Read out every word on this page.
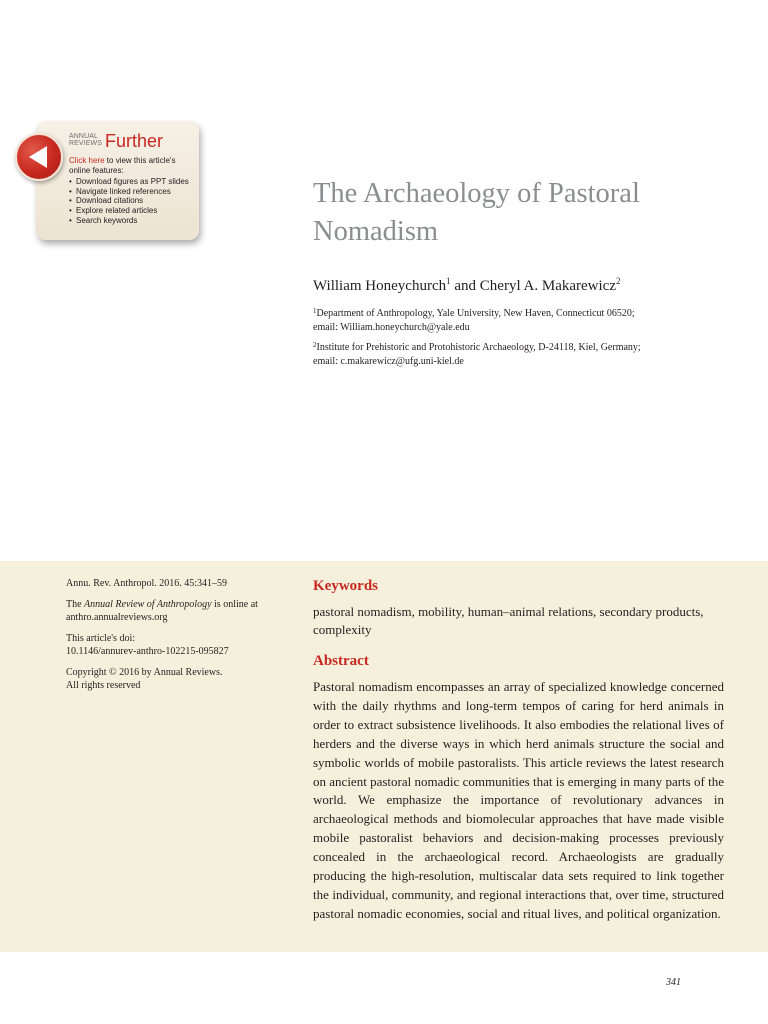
ANNUAL
REVIEWS Further
Click here to view this article's online features:
• Download figures as PPT slides
• Navigate linked references
• Download citations
• Explore related articles
• Search keywords
The Archaeology of Pastoral Nomadism
William Honeychurch$^1$ and Cheryl A. Makarewicz$^2$
$^1$Department of Anthropology, Yale University, New Haven, Connecticut 06520;
email: William.honeychurch@yale.edu
$^2$Institute for Prehistoric and Protohistoric Archaeology, D-24118, Kiel, Germany;
email: c.makarewicz@ufg.uni-kiel.de

Annu. Rev. Anthropol. 2016. 45:341–59

The Annual Review of Anthropology is online at
anthro.annualreviews.org

This article's doi:
10.1146/annurev-anthro-102215-095827

Copyright © 2016 by Annual Reviews.
All rights reserved

Keywords
pastoral nomadism, mobility, human–animal relations, secondary products, complexity
Abstract

Pastoral nomadism encompasses an array of specialized knowledge concerned with the daily rhythms and long-term tempos of caring for herd animals in order to extract subsistence livelihoods. It also embodies the relational lives of herders and the diverse ways in which herd animals structure the social and symbolic worlds of mobile pastoralists. This article reviews the latest research on ancient pastoral nomadic communities that is emerging in many parts of the world. We emphasize the importance of revolutionary advances in archaeological methods and biomolecular approaches that have made visible mobile pastoralist behaviors and decision-making processes previously concealed in the archaeological record. Archaeologists are gradually producing the high-resolution, multiscalar data sets required to link together the individual, community, and regional interactions that, over time, structured pastoral nomadic economies, social and ritual lives, and political organization.

341
